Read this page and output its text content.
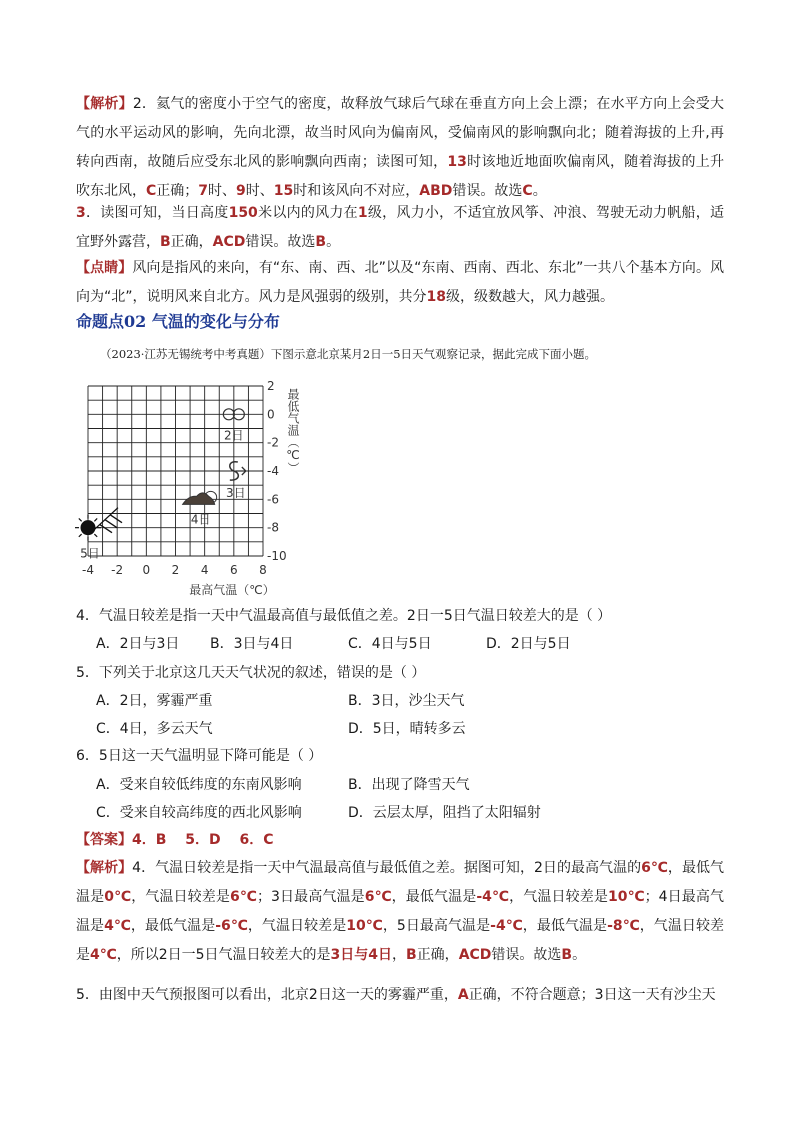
【解析】2．氦气的密度小于空气的密度，故释放气球后气球在垂直方向上会上漂；在水平方向上会受大气的水平运动风的影响，先向北漂，故当时风向为偏南风，受偏南风的影响飘向北；随着海拔的上升,再转向西南，故随后应受东北风的影响飘向西南；读图可知，13时该地近地面吹偏南风，随着海拔的上升吹东北风，C正确；7时、9时、15时和该风向不对应，ABD错误。故选C。

3．读图可知，当日高度150米以内的风力在1级，风力小，不适宜放风筝、冲浪、驾驶无动力帆船，适宜野外露营，B正确，ACD错误。故选B。

【点睛】风向是指风的来向，有“东、南、西、北”以及“东南、西南、西北、东北”一共八个基本方向。风向为“北”，说明风来自北方。风力是风强弱的级别，共分18级，级数越大，风力越强。

命题点02 气温的变化与分布

（2023·江苏无锡统考中考真题）下图示意北京某月2日一5日天气观察记录，据此完成下面小题。

-4 -2 0 2 4 6 8
2
0
-2
-4
-6
-8
-10
最高气温（℃）
最低气温（℃）
2日
3日
4日
5日

4．气温日较差是指一天中气温最高值与最低值之差。2日一5日气温日较差大的是（ ）

A．2日与3日 B．3日与4日	C．4日与5日	D．2日与5日

5．下列关于北京这几天天气状况的叙述，错误的是（ ）

A．2日，雾霾严重	B．3日，沙尘天气

C．4日，多云天气	D．5日，晴转多云

6．5日这一天气温明显下降可能是（ ）

A．受来自较低纬度的东南风影响	B．出现了降雪天气

C．受来自较高纬度的西北风影响	D．云层太厚，阻挡了太阳辐射

【答案】4．B　 5．D　 6．C

【解析】4．气温日较差是指一天中气温最高值与最低值之差。据图可知，2日的最高气温的6℃，最低气温是0℃，气温日较差是6℃；3日最高气温是6℃，最低气温是-4℃，气温日较差是10℃；4日最高气温是4℃，最低气温是-6℃，气温日较差是10℃，5日最高气温是-4℃，最低气温是-8℃，气温日较差是4℃，所以2日一5日气温日较差大的是3日与4日，B正确，ACD错误。故选B。

5．由图中天气预报图可以看出，北京2日这一天的雾霾严重，A正确，不符合题意；3日这一天有沙尘天
